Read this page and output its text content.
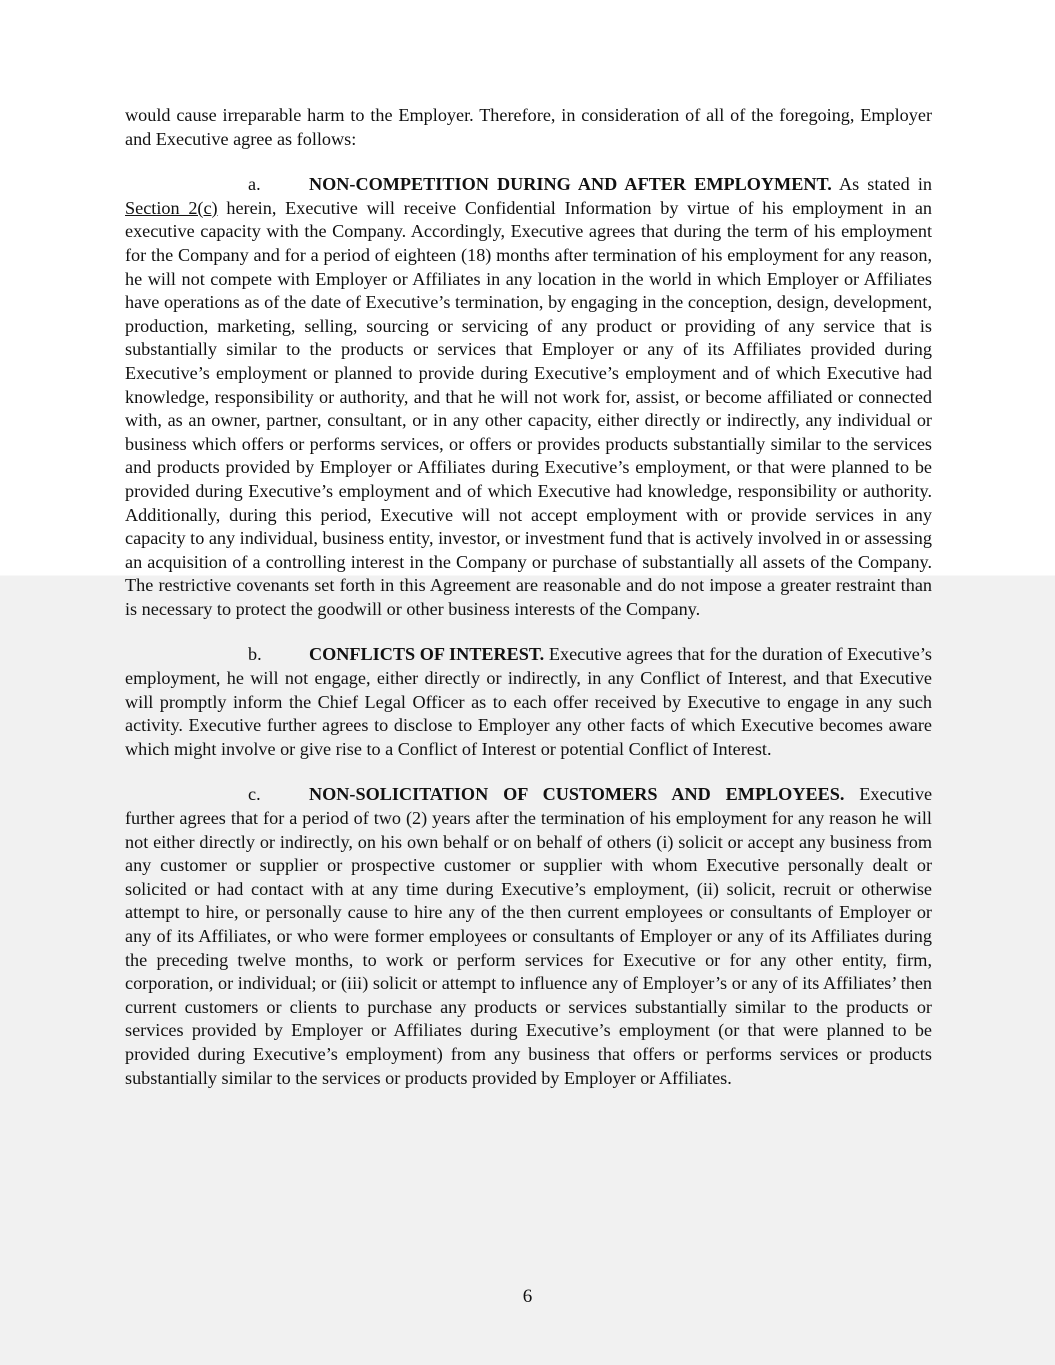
would cause irreparable harm to the Employer. Therefore, in consideration of all of the foregoing, Employer and Executive agree as follows:

a.	NON-COMPETITION DURING AND AFTER EMPLOYMENT. As stated in Section 2(c) herein, Executive will receive Confidential Information by virtue of his employment in an executive capacity with the Company. Accordingly, Executive agrees that during the term of his employment for the Company and for a period of eighteen (18) months after termination of his employment for any reason, he will not compete with Employer or Affiliates in any location in the world in which Employer or Affiliates have operations as of the date of Executive’s termination, by engaging in the conception, design, development, production, marketing, selling, sourcing or servicing of any product or providing of any service that is substantially similar to the products or services that Employer or any of its Affiliates provided during Executive’s employment or planned to provide during Executive’s employment and of which Executive had knowledge, responsibility or authority, and that he will not work for, assist, or become affiliated or connected with, as an owner, partner, consultant, or in any other capacity, either directly or indirectly, any individual or business which offers or performs services, or offers or provides products substantially similar to the services and products provided by Employer or Affiliates during Executive’s employment, or that were planned to be provided during Executive’s employment and of which Executive had knowledge, responsibility or authority. Additionally, during this period, Executive will not accept employment with or provide services in any capacity to any individual, business entity, investor, or investment fund that is actively involved in or assessing an acquisition of a controlling interest in the Company or purchase of substantially all assets of the Company. The restrictive covenants set forth in this Agreement are reasonable and do not impose a greater restraint than is necessary to protect the goodwill or other business interests of the Company.

b.	CONFLICTS OF INTEREST. Executive agrees that for the duration of Executive’s employment, he will not engage, either directly or indirectly, in any Conflict of Interest, and that Executive will promptly inform the Chief Legal Officer as to each offer received by Executive to engage in any such activity. Executive further agrees to disclose to Employer any other facts of which Executive becomes aware which might involve or give rise to a Conflict of Interest or potential Conflict of Interest.

c.	NON-SOLICITATION OF CUSTOMERS AND EMPLOYEES. Executive further agrees that for a period of two (2) years after the termination of his employment for any reason he will not either directly or indirectly, on his own behalf or on behalf of others (i) solicit or accept any business from any customer or supplier or prospective customer or supplier with whom Executive personally dealt or solicited or had contact with at any time during Executive’s employment, (ii) solicit, recruit or otherwise attempt to hire, or personally cause to hire any of the then current employees or consultants of Employer or any of its Affiliates, or who were former employees or consultants of Employer or any of its Affiliates during the preceding twelve months, to work or perform services for Executive or for any other entity, firm, corporation, or individual; or (iii) solicit or attempt to influence any of Employer’s or any of its Affiliates’ then current customers or clients to purchase any products or services substantially similar to the products or services provided by Employer or Affiliates during Executive’s employment (or that were planned to be provided during Executive’s employment) from any business that offers or performs services or products substantially similar to the services or products provided by Employer or Affiliates.

6
